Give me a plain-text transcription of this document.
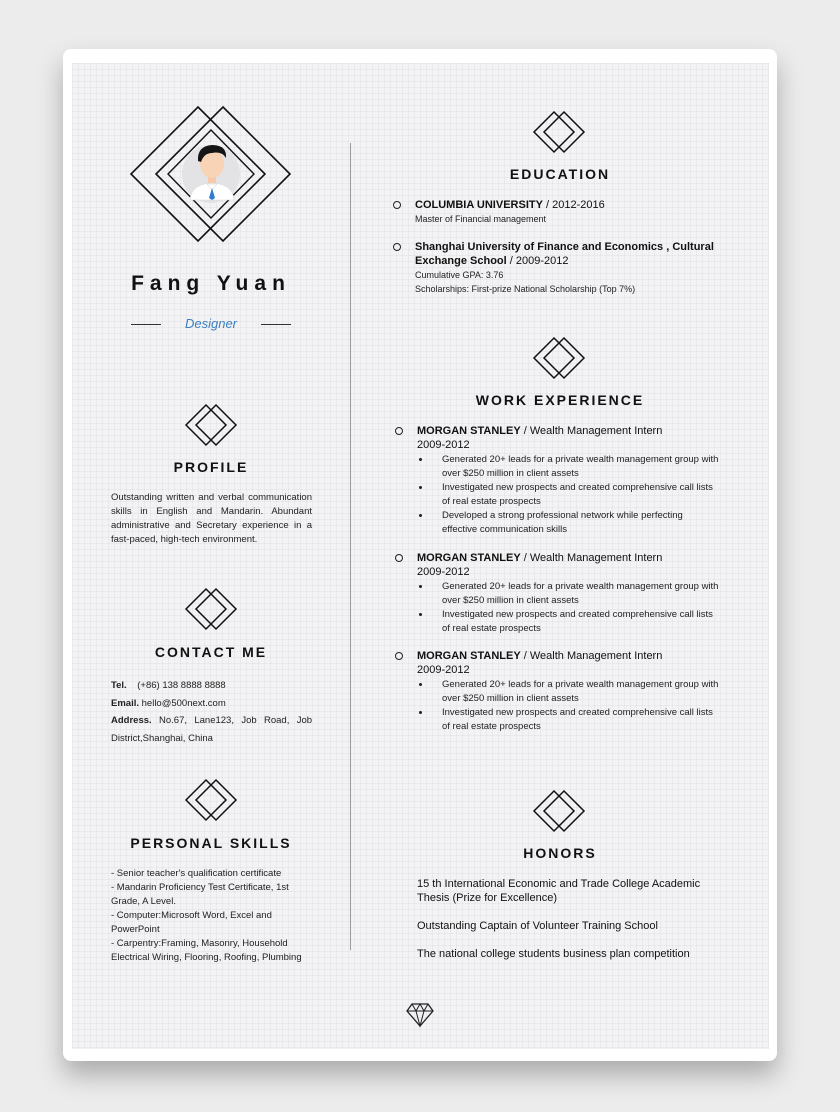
Fang Yuan
Designer
PROFILE
Outstanding written and verbal communication skills in English and Mandarin. Abundant administrative and Secretary experience in a fast-paced, high-tech environment.
CONTACT ME
Tel. (+86) 138 8888 8888
Email. hello@500next.com
Address. No.67, Lane123, Job Road, Job District,Shanghai, China
PERSONAL SKILLS
- Senior teacher's qualification certificate
- Mandarin Proficiency Test Certificate, 1st Grade, A Level.
- Computer:Microsoft Word, Excel and PowerPoint
- Carpentry:Framing, Masonry, Household Electrical Wiring, Flooring, Roofing, Plumbing
EDUCATION
COLUMBIA UNIVERSITY / 2012-2016
Master of Financial management
Shanghai University of Finance and Economics , Cultural Exchange School / 2009-2012
Cumulative GPA: 3.76
Scholarships: First-prize National Scholarship (Top 7%)
WORK EXPERIENCE
MORGAN STANLEY / Wealth Management Intern
2009-2012
Generated 20+ leads for a private wealth management group with over $250 million in client assets
Investigated new prospects and created comprehensive call lists of real estate prospects
Developed a strong professional network while perfecting effective communication skills
MORGAN STANLEY / Wealth Management Intern
2009-2012
Generated 20+ leads for a private wealth management group with over $250 million in client assets
Investigated new prospects and created comprehensive call lists of real estate prospects
MORGAN STANLEY / Wealth Management Intern
2009-2012
Generated 20+ leads for a private wealth management group with over $250 million in client assets
Investigated new prospects and created comprehensive call lists of real estate prospects
HONORS
15 th International Economic and Trade College Academic Thesis (Prize for Excellence)
Outstanding Captain of Volunteer Training School
The national college students business plan competition
